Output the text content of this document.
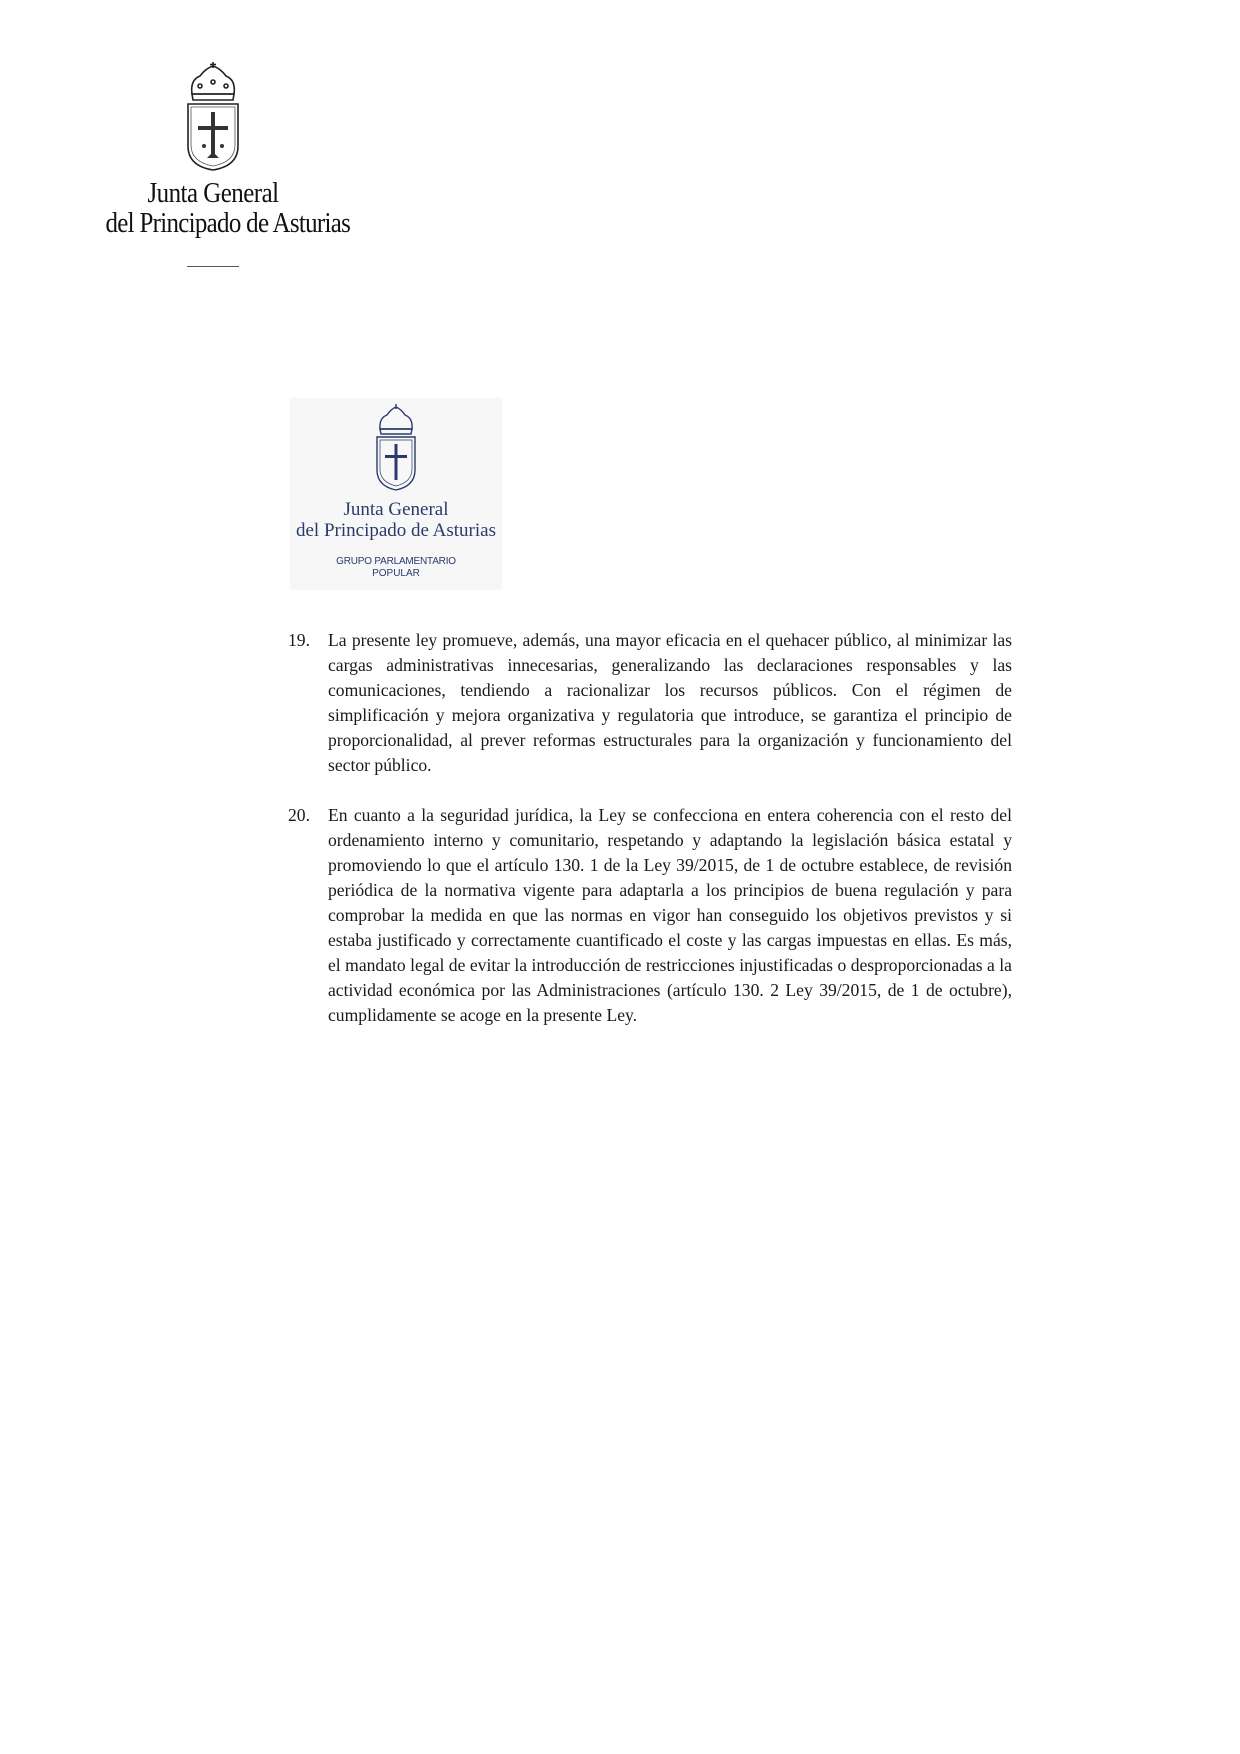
Junta General
del Principado de Asturias
Junta General
del Principado de Asturias
GRUPO PARLAMENTARIO
POPULAR
19.	La presente ley promueve, además, una mayor eficacia en el quehacer público, al minimizar las cargas administrativas innecesarias, generalizando las declaraciones responsables y las comunicaciones, tendiendo a racionalizar los recursos públicos. Con el régimen de simplificación y mejora organizativa y regulatoria que introduce, se garantiza el principio de proporcionalidad, al prever reformas estructurales para la organización y funcionamiento del sector público.
20.	En cuanto a la seguridad jurídica, la Ley se confecciona en entera coherencia con el resto del ordenamiento interno y comunitario, respetando y adaptando la legislación básica estatal y promoviendo lo que el artículo 130. 1 de la Ley 39/2015, de 1 de octubre establece, de revisión periódica de la normativa vigente para adaptarla a los principios de buena regulación y para comprobar la medida en que las normas en vigor han conseguido los objetivos previstos y si estaba justificado y correctamente cuantificado el coste y las cargas impuestas en ellas. Es más, el mandato legal de evitar la introducción de restricciones injustificadas o desproporcionadas a la actividad económica por las Administraciones (artículo 130. 2 Ley 39/2015, de 1 de octubre), cumplidamente se acoge en la presente Ley.
